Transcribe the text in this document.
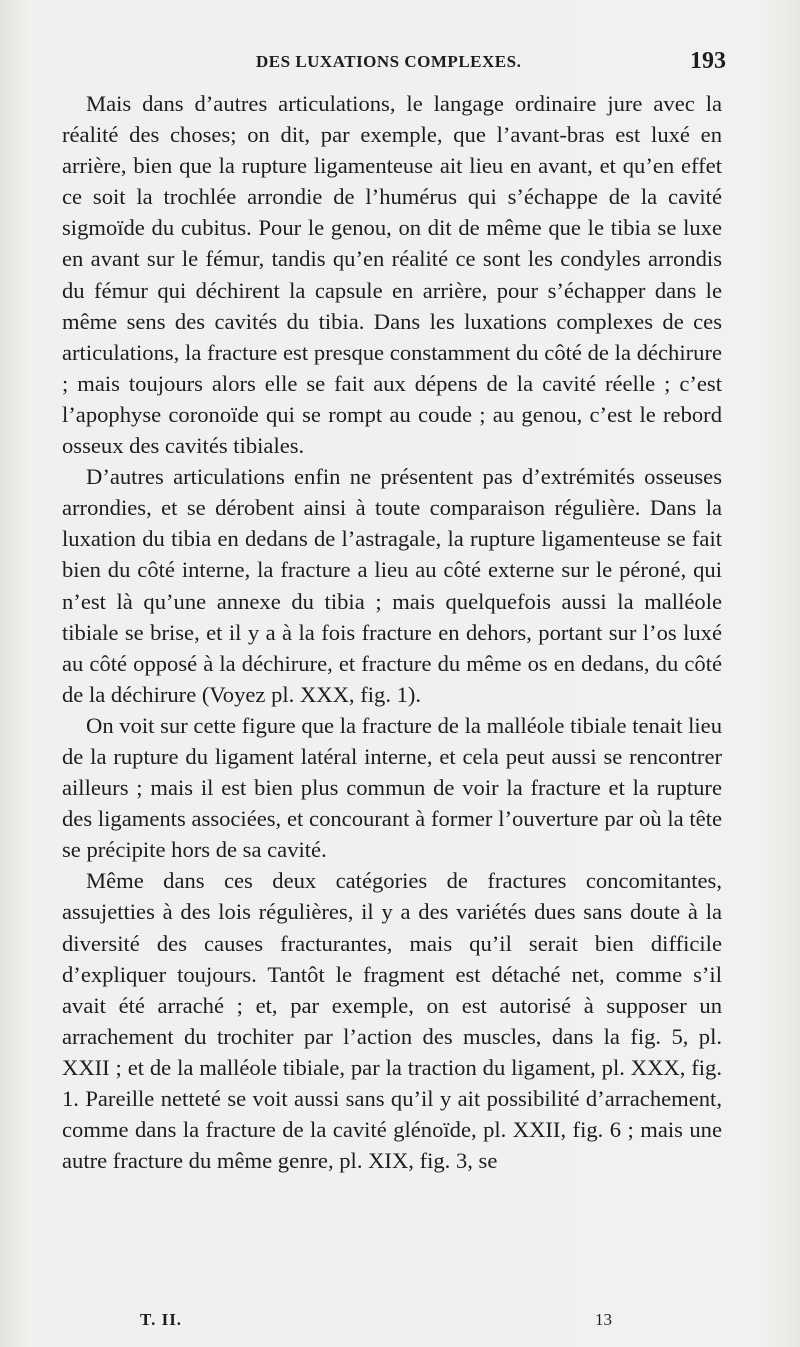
DES LUXATIONS COMPLEXES.	193

Mais dans d’autres articulations, le langage ordinaire jure avec la réalité des choses; on dit, par exemple, que l’avant-bras est luxé en arrière, bien que la rupture ligamenteuse ait lieu en avant, et qu’en effet ce soit la trochlée arrondie de l’humérus qui s’échappe de la cavité sigmoïde du cubitus. Pour le genou, on dit de même que le tibia se luxe en avant sur le fémur, tandis qu’en réalité ce sont les condyles arrondis du fémur qui déchirent la capsule en arrière, pour s’échapper dans le même sens des cavités du tibia. Dans les luxations complexes de ces articulations, la fracture est presque constamment du côté de la déchirure ; mais toujours alors elle se fait aux dépens de la cavité réelle ; c’est l’apophyse coronoïde qui se rompt au coude ; au genou, c’est le rebord osseux des cavités tibiales.

D’autres articulations enfin ne présentent pas d’extrémités osseuses arrondies, et se dérobent ainsi à toute comparaison régulière. Dans la luxation du tibia en dedans de l’astragale, la rupture ligamenteuse se fait bien du côté interne, la fracture a lieu au côté externe sur le péroné, qui n’est là qu’une annexe du tibia ; mais quelquefois aussi la malléole tibiale se brise, et il y a à la fois fracture en dehors, portant sur l’os luxé au côté opposé à la déchirure, et fracture du même os en dedans, du côté de la déchirure (Voyez pl. XXX, fig. 1).

On voit sur cette figure que la fracture de la malléole tibiale tenait lieu de la rupture du ligament latéral interne, et cela peut aussi se rencontrer ailleurs ; mais il est bien plus commun de voir la fracture et la rupture des ligaments associées, et concourant à former l’ouverture par où la tête se précipite hors de sa cavité.

Même dans ces deux catégories de fractures concomitantes, assujetties à des lois régulières, il y a des variétés dues sans doute à la diversité des causes fracturantes, mais qu’il serait bien difficile d’expliquer toujours. Tantôt le fragment est détaché net, comme s’il avait été arraché ; et, par exemple, on est autorisé à supposer un arrachement du trochiter par l’action des muscles, dans la fig. 5, pl. XXII ; et de la malléole tibiale, par la traction du ligament, pl. XXX, fig. 1. Pareille netteté se voit aussi sans qu’il y ait possibilité d’arrachement, comme dans la fracture de la cavité glénoïde, pl. XXII, fig. 6 ; mais une autre fracture du même genre, pl. XIX, fig. 3, se

T. II.	13
